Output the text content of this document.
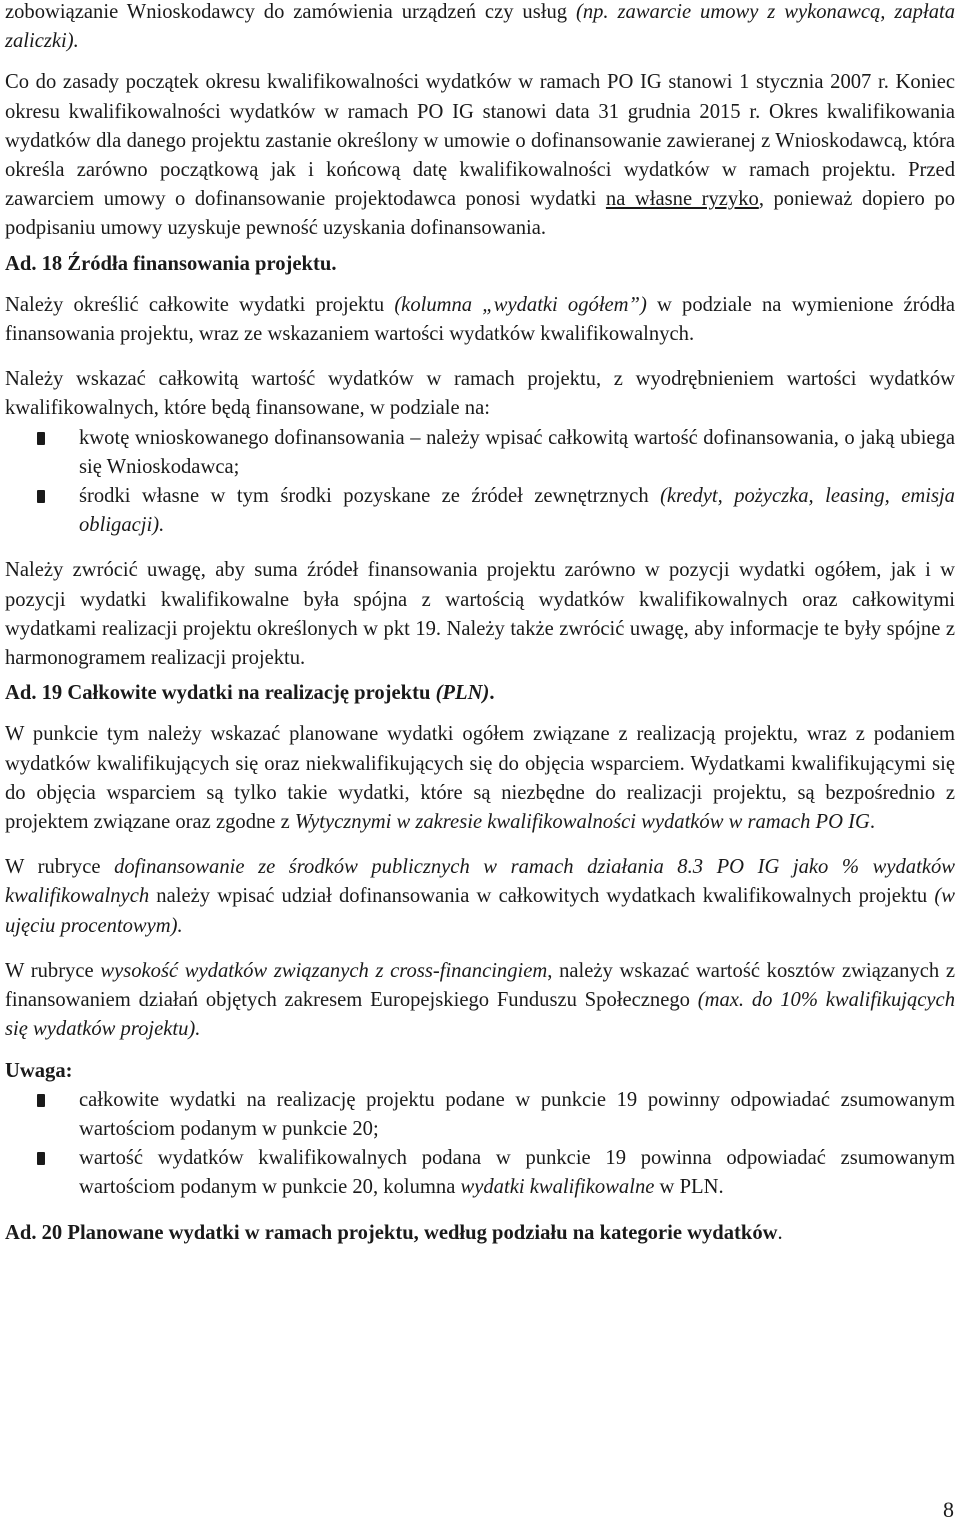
zobowiązanie Wnioskodawcy do zamówienia urządzeń czy usług (np. zawarcie umowy z wykonawcą, zapłata zaliczki).

Co do zasady początek okresu kwalifikowalności wydatków w ramach PO IG stanowi 1 stycznia 2007 r. Koniec okresu kwalifikowalności wydatków w ramach PO IG stanowi data 31 grudnia 2015 r. Okres kwalifikowania wydatków dla danego projektu zastanie określony w umowie o dofinansowanie zawieranej z Wnioskodawcą, która określa zarówno początkową jak i końcową datę kwalifikowalności wydatków w ramach projektu. Przed zawarciem umowy o dofinansowanie projektodawca ponosi wydatki na własne ryzyko, ponieważ dopiero po podpisaniu umowy uzyskuje pewność uzyskania dofinansowania.

Ad. 18 Źródła finansowania projektu.

Należy określić całkowite wydatki projektu (kolumna „wydatki ogółem”) w podziale na wymienione źródła finansowania projektu, wraz ze wskazaniem wartości wydatków kwalifikowalnych.

Należy wskazać całkowitą wartość wydatków w ramach projektu, z wyodrębnieniem wartości wydatków kwalifikowalnych, które będą finansowane, w podziale na:

kwotę wnioskowanego dofinansowania – należy wpisać całkowitą wartość dofinansowania, o jaką ubiega się Wnioskodawca;
środki własne w tym środki pozyskane ze źródeł zewnętrznych (kredyt, pożyczka, leasing, emisja obligacji).

Należy zwrócić uwagę, aby suma źródeł finansowania projektu zarówno w pozycji wydatki ogółem, jak i w pozycji wydatki kwalifikowalne była spójna z wartością wydatków kwalifikowalnych oraz całkowitymi wydatkami realizacji projektu określonych w pkt 19. Należy także zwrócić uwagę, aby informacje te były spójne z harmonogramem realizacji projektu.

Ad. 19 Całkowite wydatki na realizację projektu (PLN).

W punkcie tym należy wskazać planowane wydatki ogółem związane z realizacją projektu, wraz z podaniem wydatków kwalifikujących się oraz niekwalifikujących się do objęcia wsparciem. Wydatkami kwalifikującymi się do objęcia wsparciem są tylko takie wydatki, które są niezbędne do realizacji projektu, są bezpośrednio z projektem związane oraz zgodne z Wytycznymi w zakresie kwalifikowalności wydatków w ramach PO IG.

W rubryce dofinansowanie ze środków publicznych w ramach działania 8.3 PO IG jako % wydatków kwalifikowalnych należy wpisać udział dofinansowania w całkowitych wydatkach kwalifikowalnych projektu (w ujęciu procentowym).

W rubryce wysokość wydatków związanych z cross-financingiem, należy wskazać wartość kosztów związanych z finansowaniem działań objętych zakresem Europejskiego Funduszu Społecznego (max. do 10% kwalifikujących się wydatków projektu).

Uwaga:
całkowite wydatki na realizację projektu podane w punkcie 19 powinny odpowiadać zsumowanym wartościom podanym w punkcie 20;
wartość wydatków kwalifikowalnych podana w punkcie 19 powinna odpowiadać zsumowanym wartościom podanym w punkcie 20, kolumna wydatki kwalifikowalne w PLN.
Ad. 20 Planowane wydatki w ramach projektu, według podziału na kategorie wydatków.
8
